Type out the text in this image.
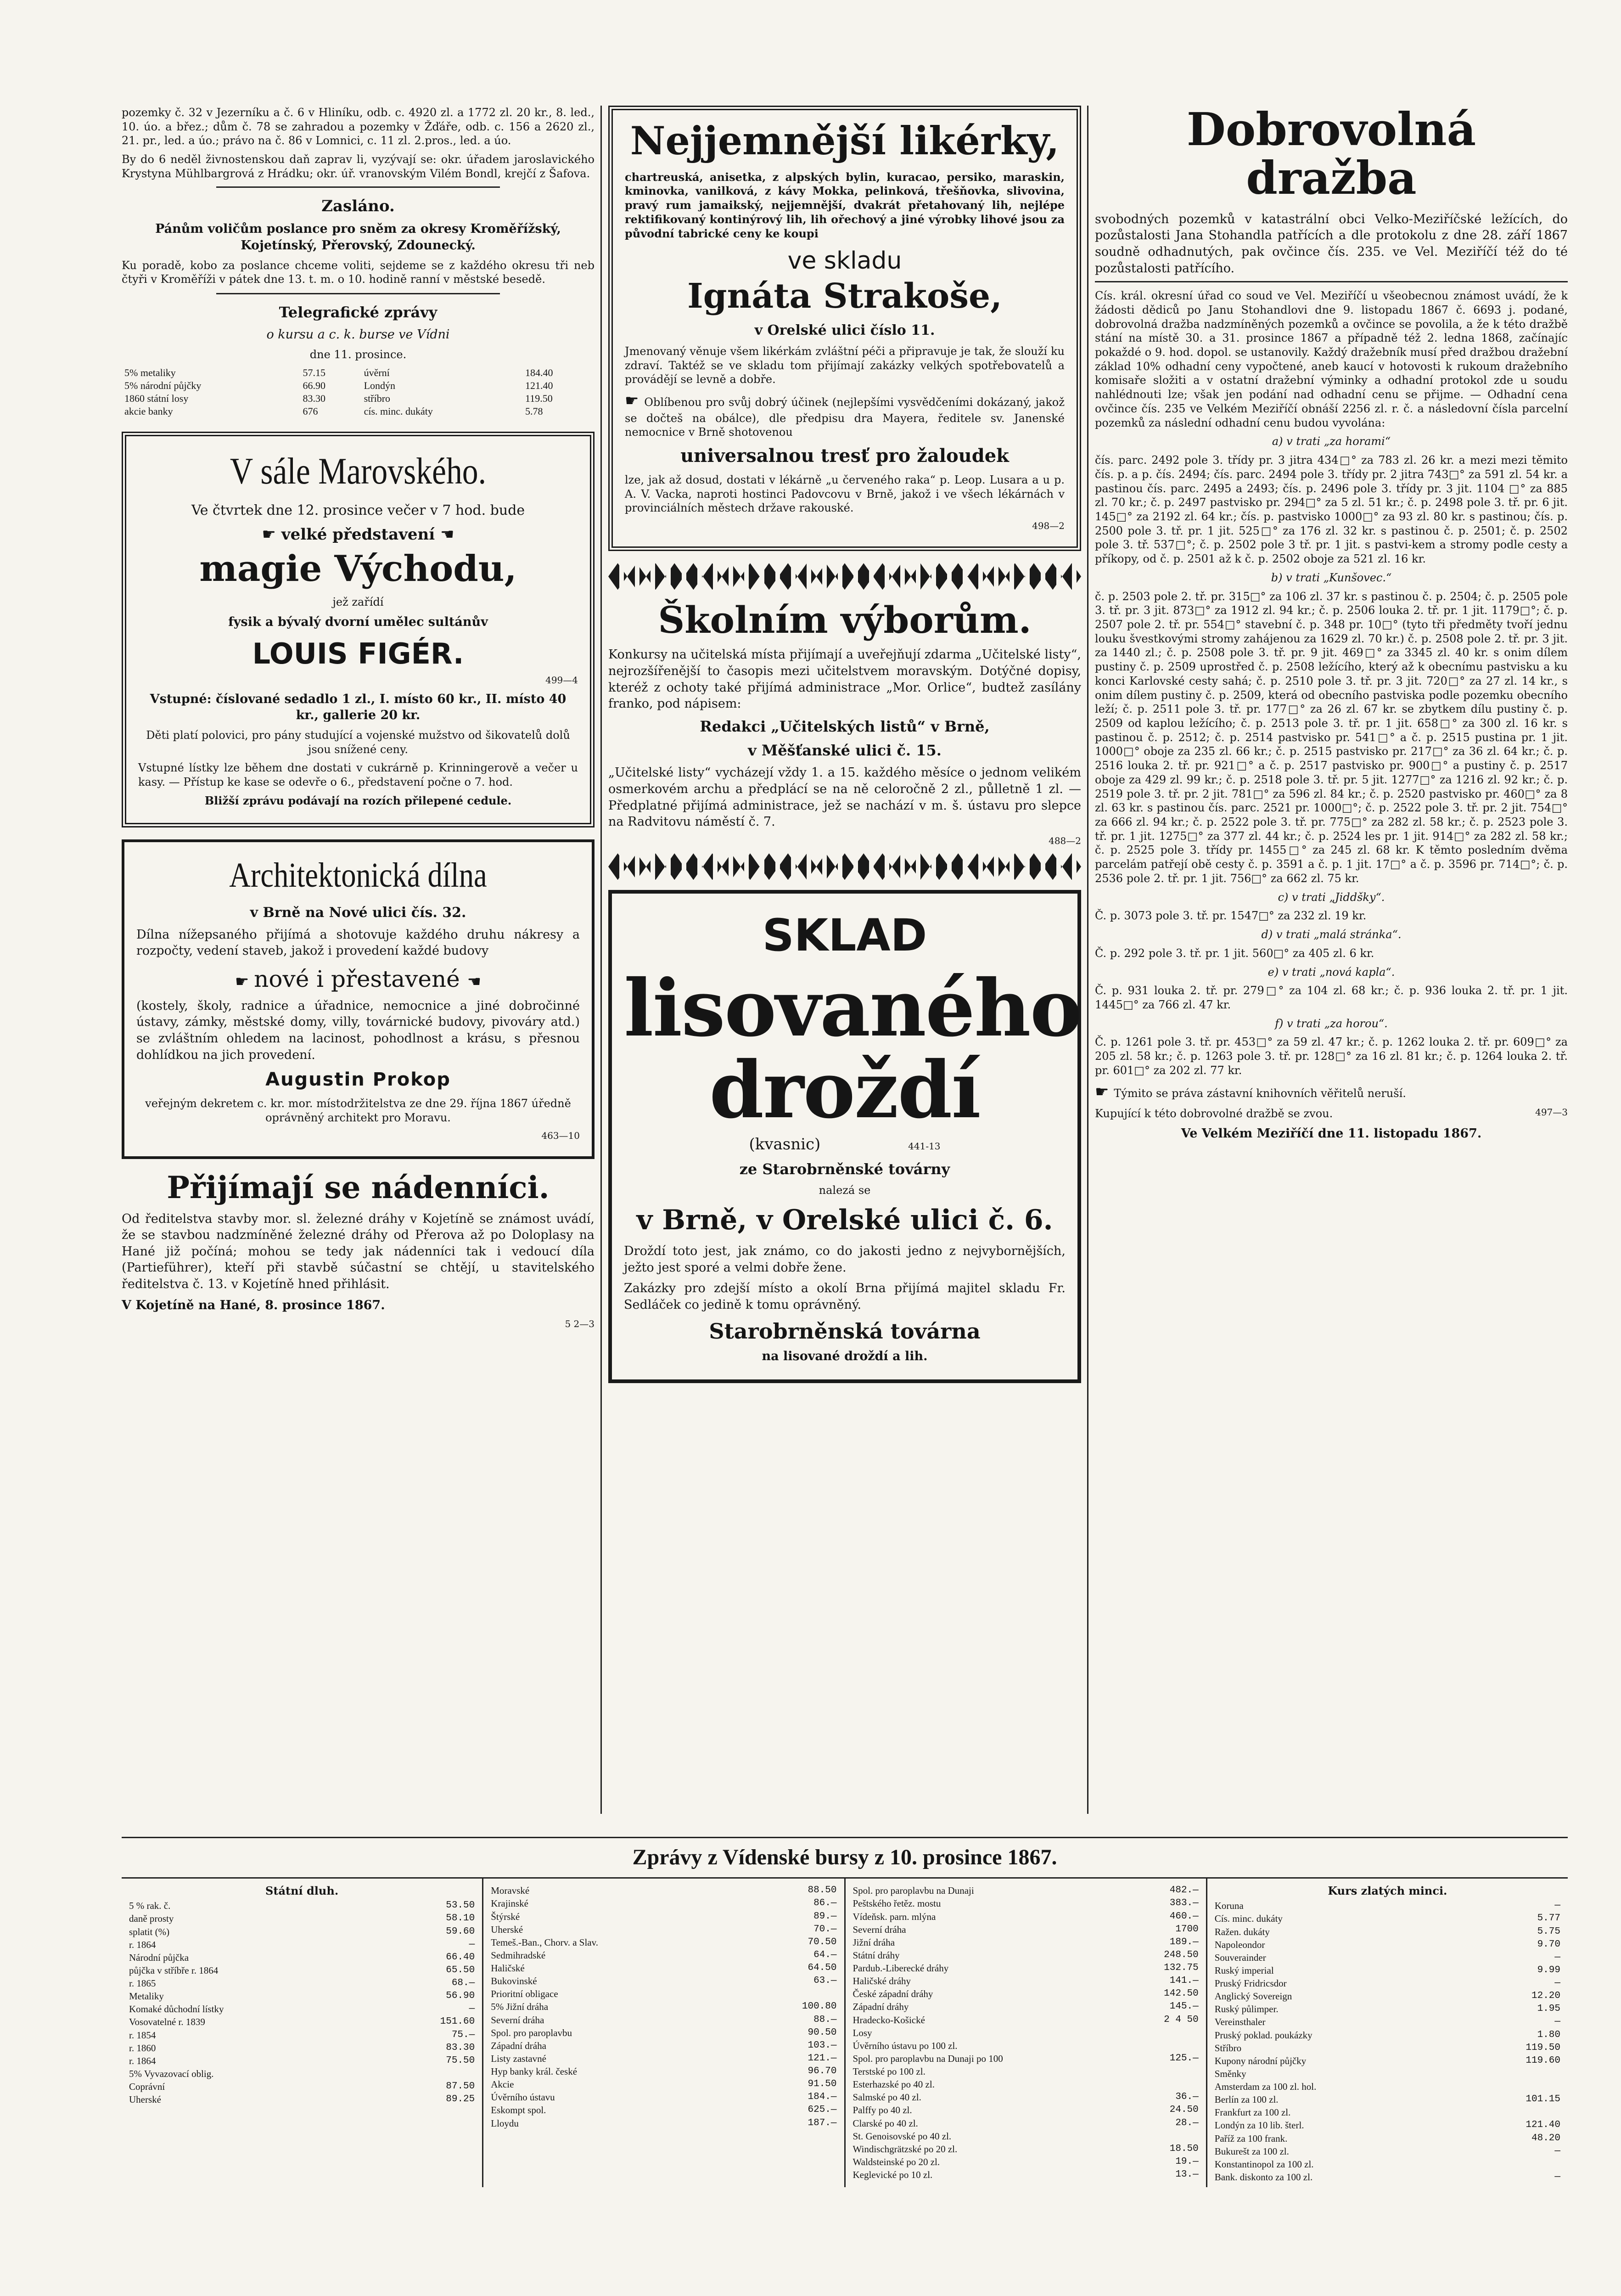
pozemky č. 32 v Jezerníku a č. 6 v Hliníku, odb. c. 4920 zl. a 1772 zl. 20 kr., 8. led., 10. úo. a břez.; dům č. 78 se zahradou a pozemky v Žďáře, odb. c. 156 a 2620 zl., 21. pr., led. a úo.; právo na č. 86 v Lomnici, c. 11 zl. 2.pros., led. a úo.

By do 6 neděl živnostenskou daň zaprav li, vyzývají se: okr. úřadem jaroslavického Krystyna Mühlbargrová z Hrádku; okr. úř. vranovským Vilém Bondl, krejčí z Šafova.

Zasláno.

Pánům voličům poslance pro sněm za okresy Kroměřížský, Kojetínský, Přerovský, Zdounecký.

Ku poradě, kobo za poslance chceme voliti, sejdeme se z každého okresu tři neb čtyři v Kroměříži v pátek dne 13. t. m. o 10. hodině ranní v městské besedě.

Telegrafické zprávy

o kursu a c. k. burse ve Vídni

dne 11. prosince.

5% metaliky	57.15	úvěrní	184.40
5% národní půjčky	66.90	Londýn	121.40
1860 státní losy	83.30	stříbro	119.50
akcie banky	676	cís. minc. dukáty	5.78

V sále Marovského.

Ve čtvrtek dne 12. prosince večer v 7 hod. bude

☛ velké představení ☚

magie Východu,

jež zařídí

fysik a bývalý dvorní umělec sultánův

LOUIS FIGÉR.

499—4

Vstupné: číslované sedadlo 1 zl., I. místo 60 kr., II. místo 40 kr., gallerie 20 kr.

Děti platí polovici, pro pány studující a vojenské mužstvo od šikovatelů dolů jsou snížené ceny.

Vstupné lístky lze během dne dostati v cukrárně p. Krinningerově a večer u kasy. — Přístup ke kase se odevře o 6., představení počne o 7. hod.

Bližší zprávu podávají na rozích přilepené cedule.

Architektonická dílna

v Brně na Nové ulici čís. 32.

Dílna nížepsaného přijímá a shotovuje každého druhu nákresy a rozpočty, vedení staveb, jakož i provedení každé budovy

☛ nové i přestavené ☚

(kostely, školy, radnice a úřadnice, nemocnice a jiné dobročinné ústavy, zámky, městské domy, villy, továrnické budovy, pivováry atd.) se zvláštním ohledem na lacinost, pohodlnost a krásu, s přesnou dohlídkou na jich provedení.

Augustin Prokop

veřejným dekretem c. kr. mor. místodržitelstva ze dne 29. října 1867 úředně oprávněný architekt pro Moravu.

463—10

Přijímají se nádenníci.

Od ředitelstva stavby mor. sl. železné dráhy v Kojetíně se známost uvádí, že se stavbou nadzmíněné železné dráhy od Přerova až po Doloplasy na Hané již počíná; mohou se tedy jak nádenníci tak i vedoucí díla (Partieführer), kteří při stavbě súčastní se chtějí, u stavitelského ředitelstva č. 13. v Kojetíně hned přihlásit.

V Kojetíně na Hané, 8. prosince 1867.

5 2—3

Nejjemnější likérky,

chartreuská, anisetka, z alpských bylin, kuracao, persiko, maraskin, kminovka, vanilková, z kávy Mokka, pelinková, třešňovka, slivovina, pravý rum jamaikský, nejjemnější, dvakrát přetahovaný lih, nejlépe rektifikovaný kontinýrový lih, lih ořechový a jiné výrobky lihové jsou za původní tabrické ceny ke koupi

ve skladu

Ignáta Strakoše,

v Orelské ulici číslo 11.

Jmenovaný věnuje všem likérkám zvláštní péči a připravuje je tak, že slouží ku zdraví. Taktéž se ve skladu tom přijímají zakázky velkých spotřebovatelů a provádějí se levně a dobře.

☛ Oblíbenou pro svůj dobrý účinek (nejlepšími vysvědčeními dokázaný, jakož se dočteš na obálce), dle předpisu dra Mayera, ředitele sv. Janenské nemocnice v Brně shotovenou

universalnou tresť pro žaloudek

lze, jak až dosud, dostati v lékárně „u červeného raka“ p. Leop. Lusara a u p. A. V. Vacka, naproti hostinci Padovcovu v Brně, jakož i ve všech lékárnách v provinciálních městech države rakouské.

498—2

Školním výborům.

Konkursy na učitelská místa přijímají a uveřejňují zdarma „Učitelské listy“, nejrozšířenější to časopis mezi učitelstvem moravským. Dotýčné dopisy, kteréž z ochoty také přijímá administrace „Mor. Orlice“, budtež zasílány franko, pod nápisem:

Redakci „Učitelských listů“ v Brně,

v Měšťanské ulici č. 15.

„Učitelské listy“ vycházejí vždy 1. a 15. každého měsíce o jednom velikém osmerkovém archu a předplácí se na ně celoročně 2 zl., půlletně 1 zl. — Předplatné přijímá administrace, jež se nachází v m. š. ústavu pro slepce na Radvitovu náměstí č. 7.

488—2

SKLAD

lisovaného

droždí

(kvasnic)	441-13

ze Starobrněnské továrny

nalezá se

v Brně, v Orelské ulici č. 6.

Droždí toto jest, jak známo, co do jakosti jedno z nejvybornějších, ježto jest sporé a velmi dobře žene.

Zakázky pro zdejší místo a okolí Brna přijímá majitel skladu Fr. Sedláček co jedině k tomu oprávněný.

Starobrněnská továrna

na lisované droždí a lih.

Dobrovolná dražba

svobodných pozemků v katastrální obci Velko-Meziříčské ležících, do pozůstalosti Jana Stohandla patřících a dle protokolu z dne 28. září 1867 soudně odhadnutých, pak ovčince čís. 235. ve Vel. Meziříčí též do té pozůstalosti patřícího.

Cís. král. okresní úřad co soud ve Vel. Meziříčí u všeobecnou známost uvádí, že k žádosti dědiců po Janu Stohandlovi dne 9. listopadu 1867 č. 6693 j. podané, dobrovolná dražba nadzmíněných pozemků a ovčince se povolila, a že k této dražbě stání na místě 30. a 31. prosince 1867 a případně též 2. ledna 1868, začínajíc pokaždé o 9. hod. dopol. se ustanovily. Každý dražebník musí před dražbou dražební základ 10% odhadní ceny vypočtené, aneb kaucí v hotovosti k rukoum dražebního komisaře složiti a v ostatní dražební výminky a odhadní protokol zde u soudu nahlédnouti lze; však jen podání nad odhadní cenu se přijme. — Odhadní cena ovčince čís. 235 ve Velkém Meziříčí obnáší 2256 zl. r. č. a následovní čísla parcelní pozemků za následní odhadní cenu budou vyvolána:

a) v trati „za horami“

čís. parc. 2492 pole 3. třídy pr. 3 jitra 434□° za 783 zl. 26 kr. a mezi mezi těmito čís. p. a p. čís. 2494; čís. parc. 2494 pole 3. třídy pr. 2 jitra 743□° za 591 zl. 54 kr. a pastinou čís. parc. 2495 a 2493; čís. p. 2496 pole 3. třídy pr. 3 jit. 1104 □° za 885 zl. 70 kr.; č. p. 2497 pastvisko pr. 294□° za 5 zl. 51 kr.; č. p. 2498 pole 3. tř. pr. 6 jit. 145□° za 2192 zl. 64 kr.; čís. p. pastvisko 1000□° za 93 zl. 80 kr. s pastinou; čís. p. 2500 pole 3. tř. pr. 1 jit. 525□° za 176 zl. 32 kr. s pastinou č. p. 2501; č. p. 2502 pole 3. tř. 537□°; č. p. 2502 pole 3 tř. pr. 1 jit. s pastvi-kem a stromy podle cesty a příkopy, od č. p. 2501 až k č. p. 2502 oboje za 521 zl. 16 kr.

b) v trati „Kunšovec.“

č. p. 2503 pole 2. tř. pr. 315□° za 106 zl. 37 kr. s pastinou č. p. 2504; č. p. 2505 pole 3. tř. pr. 3 jit. 873□° za 1912 zl. 94 kr.; č. p. 2506 louka 2. tř. pr. 1 jit. 1179□°; č. p. 2507 pole 2. tř. pr. 554□° stavební č. p. 348 pr. 10□° (tyto tři předměty tvoří jednu louku švestkovými stromy zahájenou za 1629 zl. 70 kr.) č. p. 2508 pole 2. tř. pr. 3 jit. za 1440 zl.; č. p. 2508 pole 3. tř. pr. 9 jit. 469□° za 3345 zl. 40 kr. s onim dílem pustiny č. p. 2509 uprostřed č. p. 2508 ležícího, který až k obecnímu pastvisku a ku konci Karlovské cesty sahá; č. p. 2510 pole 3. tř. pr. 3 jit. 720□° za 27 zl. 14 kr., s onim dílem pustiny č. p. 2509, která od obecního pastviska podle pozemku obecního leží; č. p. 2511 pole 3. tř. pr. 177□° za 26 zl. 67 kr. se zbytkem dílu pustiny č. p. 2509 od kaplou ležícího; č. p. 2513 pole 3. tř. pr. 1 jit. 658□° za 300 zl. 16 kr. s pastinou č. p. 2512; č. p. 2514 pastvisko pr. 541□° a č. p. 2515 pustina pr. 1 jit. 1000□° oboje za 235 zl. 66 kr.; č. p. 2515 pastvisko pr. 217□° za 36 zl. 64 kr.; č. p. 2516 louka 2. tř. pr. 921□° a č. p. 2517 pastvisko pr. 900□° a pustiny č. p. 2517 oboje za 429 zl. 99 kr.; č. p. 2518 pole 3. tř. pr. 5 jit. 1277□° za 1216 zl. 92 kr.; č. p. 2519 pole 3. tř. pr. 2 jit. 781□° za 596 zl. 84 kr.; č. p. 2520 pastvisko pr. 460□° za 8 zl. 63 kr. s pastinou čís. parc. 2521 pr. 1000□°; č. p. 2522 pole 3. tř. pr. 2 jit. 754□° za 666 zl. 94 kr.; č. p. 2522 pole 3. tř. pr. 775□° za 282 zl. 58 kr.; č. p. 2523 pole 3. tř. pr. 1 jit. 1275□° za 377 zl. 44 kr.; č. p. 2524 les pr. 1 jit. 914□° za 282 zl. 58 kr.; č. p. 2525 pole 3. třídy pr. 1455□° za 245 zl. 68 kr. K těmto posledním dvěma parcelám patřejí obě cesty č. p. 3591 a č. p. 1 jit. 17□° a č. p. 3596 pr. 714□°; č. p. 2536 pole 2. tř. pr. 1 jit. 756□° za 662 zl. 75 kr.

c) v trati „Jiddšky“.

Č. p. 3073 pole 3. tř. pr. 1547□° za 232 zl. 19 kr.

d) v trati „malá stránka“.

Č. p. 292 pole 3. tř. pr. 1 jit. 560□° za 405 zl. 6 kr.

e) v trati „nová kapla“.

Č. p. 931 louka 2. tř. pr. 279□° za 104 zl. 68 kr.; č. p. 936 louka 2. tř. pr. 1 jit. 1445□° za 766 zl. 47 kr.

f) v trati „za horou“.

Č. p. 1261 pole 3. tř. pr. 453□° za 59 zl. 47 kr.; č. p. 1262 louka 2. tř. pr. 609□° za 205 zl. 58 kr.; č. p. 1263 pole 3. tř. pr. 128□° za 16 zl. 81 kr.; č. p. 1264 louka 2. tř. pr. 601□° za 202 zl. 77 kr.

☛ Týmito se práva zástavní knihovních věřitelů neruší.

Kupující k této dobrovolné dražbě se zvou.	497—3

Ve Velkém Meziříčí dne 11. listopadu 1867.

Zprávy z Vídenské bursy z 10. prosince 1867.

Státní dluh.
5 % rak. č.	53.50
daně prosty	58.10
splatit (%)	59.60
r. 1864	—
Národní půjčka	66.40
půjčka v stříbře r. 1864	65.50
r. 1865	68.—
Metaliky	56.90
Komaké důchodní lístky	—
Vosovatelné r. 1839	151.60
r. 1854	75.—
r. 1860	83.30
r. 1864	75.50
5% Vyvazovací oblig.
Coprávní	87.50
Uherské	89.25
Moravské	88.50
Krajinské	86.—
Štýrské	89.—
Uherské	70.—
Temeš.-Ban., Chorv. a Slav.	70.50
Sedmihradské	64.—
Haličské	64.50
Bukovinské	63.—
Prioritní obligace
5% Jižní dráha	100.80
Severní dráha	88.—
Spol. pro paroplavbu	90.50
Západní dráha	103.—
Listy zastavné	121.—
Hyp banky král. české	96.70
Akcie	91.50
Úvěrního ústavu	184.—
Eskompt spol.	625.—
Lloydu	187.—
Spol. pro paroplavbu na Dunaji	482.—
Peštského řetěz. mostu	383.—
Vídeňsk. parn. mlýna	460.—
Severní dráha	1700
Jižní dráha	189.—
Státní dráhy	248.50
Pardub.-Liberecké dráhy	132.75
Haličské dráhy	141.—
České západní dráhy	142.50
Západní dráhy	145.—
Hradecko-Košické	2 4 50
Losy
Úvěrního ústavu po 100 zl.
Spol. pro paroplavbu na Dunaji po 100	125.—
Terstské po 100 zl.
Esterhazské po 40 zl.
Salmské po 40 zl.	36.—
Palffy po 40 zl.	24.50
Clarské po 40 zl.	28.—
St. Genoisovské po 40 zl.
Windischgrätzské po 20 zl.	18.50
Waldsteinské po 20 zl.	19.—
Keglevické po 10 zl.	13.—
Kurs zlatých minci.
Koruna	—
Cís. minc. dukáty	5.77
Ražen. dukáty	5.75
Napoleondor	9.70
Souverainder	—
Ruský imperial	9.99
Pruský Fridricsdor	—
Anglický Sovereign	12.20
Ruský půlimper.	1.95
Vereinsthaler	—
Pruský poklad. poukázky	1.80
Stříbro	119.50
Kupony národní půjčky	119.60
Směnky
Amsterdam za 100 zl. hol.
Berlín za 100 zl.	101.15
Frankfurt za 100 zl.
Londýn za 10 lib. šterl.	121.40
Paříž za 100 frank.	48.20
Bukurešt za 100 zl.	—
Konstantinopol za 100 zl.
Bank. diskonto za 100 zl.	—
